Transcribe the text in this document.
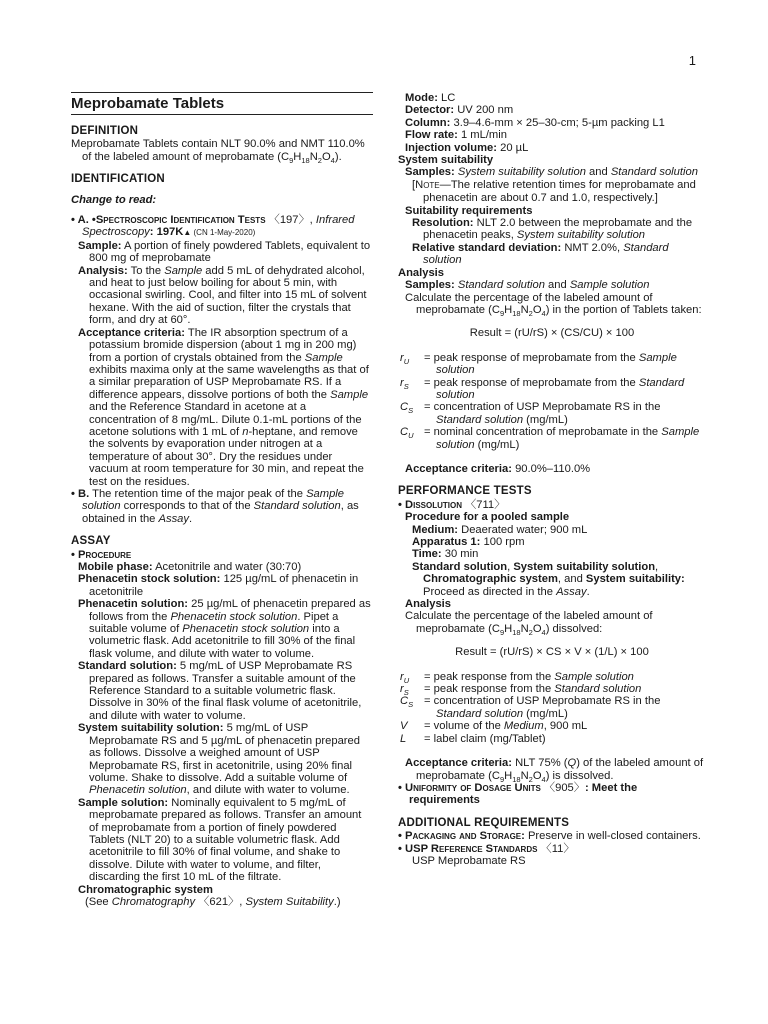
1
Meprobamate Tablets
DEFINITION

Meprobamate Tablets contain NLT 90.0% and NMT 110.0% of the labeled amount of meprobamate $(C_9H_{18}N_2O_4)$.

IDENTIFICATION
Change to read:

• A. •Spectroscopic Identification Tests 〈197〉, Infrared Spectroscopy: 197K▲ (CN 1-May-2020)

Sample: A portion of finely powdered Tablets, equivalent to 800 mg of meprobamate

Analysis: To the Sample add 5 mL of dehydrated alcohol, and heat to just below boiling for about 5 min, with occasional swirling. Cool, and filter into 15 mL of solvent hexane. With the aid of suction, filter the crystals that form, and dry at 60°.

Acceptance criteria: The IR absorption spectrum of a potassium bromide dispersion (about 1 mg in 200 mg) from a portion of crystals obtained from the Sample exhibits maxima only at the same wavelengths as that of a similar preparation of USP Meprobamate RS. If a difference appears, dissolve portions of both the Sample and the Reference Standard in acetone at a concentration of 8 mg/mL. Dilute 0.1-mL portions of the acetone solutions with 1 mL of n-heptane, and remove the solvents by evaporation under nitrogen at a temperature of about 30°. Dry the residues under vacuum at room temperature for 30 min, and repeat the test on the residues.

• B. The retention time of the major peak of the Sample solution corresponds to that of the Standard solution, as obtained in the Assay.

ASSAY

• Procedure

Mobile phase: Acetonitrile and water (30:70)

Phenacetin stock solution: 125 µg/mL of phenacetin in acetonitrile

Phenacetin solution: 25 µg/mL of phenacetin prepared as follows from the Phenacetin stock solution. Pipet a suitable volume of Phenacetin stock solution into a volumetric flask. Add acetonitrile to fill 30% of the final flask volume, and dilute with water to volume.

Standard solution: 5 mg/mL of USP Meprobamate RS prepared as follows. Transfer a suitable amount of the Reference Standard to a suitable volumetric flask. Dissolve in 30% of the final flask volume of acetonitrile, and dilute with water to volume.

System suitability solution: 5 mg/mL of USP Meprobamate RS and 5 µg/mL of phenacetin prepared as follows. Dissolve a weighed amount of USP Meprobamate RS, first in acetonitrile, using 20% final volume. Shake to dissolve. Add a suitable volume of Phenacetin solution, and dilute with water to volume.

Sample solution: Nominally equivalent to 5 mg/mL of meprobamate prepared as follows. Transfer an amount of meprobamate from a portion of finely powdered Tablets (NLT 20) to a suitable volumetric flask. Add acetonitrile to fill 30% of final volume, and shake to dissolve. Dilute with water to volume, and filter, discarding the first 10 mL of the filtrate.

Chromatographic system

(See Chromatography 〈621〉, System Suitability.)

Mode: LC

Detector: UV 200 nm

Column: 3.9–4.6-mm × 25–30-cm; 5-µm packing L1

Flow rate: 1 mL/min

Injection volume: 20 µL

System suitability

Samples: System suitability solution and Standard solution

[NOTE—The relative retention times for meprobamate and phenacetin are about 0.7 and 1.0, respectively.]

Suitability requirements

Resolution: NLT 2.0 between the meprobamate and the phenacetin peaks, System suitability solution

Relative standard deviation: NMT 2.0%, Standard solution

Analysis

Samples: Standard solution and Sample solution

Calculate the percentage of the labeled amount of meprobamate $(C_9H_{18}N_2O_4)$ in the portion of Tablets taken:

Result = (rU/rS) × (CS/CU) × 100
$r_U$	= peak response of meprobamate from the Sample solution
$r_S$	= peak response of meprobamate from the Standard solution
$C_S$ = concentration of USP Meprobamate RS in the Standard solution (mg/mL)
$C_U$ = nominal concentration of meprobamate in the Sample solution (mg/mL)

Acceptance criteria: 90.0%–110.0%

PERFORMANCE TESTS

• Dissolution 〈711〉

Procedure for a pooled sample

Medium: Deaerated water; 900 mL

Apparatus 1: 100 rpm

Time: 30 min

Standard solution, System suitability solution, Chromatographic system, and System suitability: Proceed as directed in the Assay.

Analysis

Calculate the percentage of the labeled amount of meprobamate $(C_9H_{18}N_2O_4)$ dissolved:

Result = (rU/rS) × CS × V × (1/L) × 100
$r_U$	= peak response from the Sample solution
$r_S$	= peak response from the Standard solution
$C_S$ = concentration of USP Meprobamate RS in the Standard solution (mg/mL)
V	= volume of the Medium, 900 mL
L	= label claim (mg/Tablet)

Acceptance criteria: NLT 75% (Q) of the labeled amount of meprobamate $(C_9H_{18}N_2O_4)$ is dissolved.

• Uniformity of Dosage Units 〈905〉: Meet the requirements

ADDITIONAL REQUIREMENTS

• Packaging and Storage: Preserve in well-closed containers.

• USP Reference Standards 〈11〉

USP Meprobamate RS
